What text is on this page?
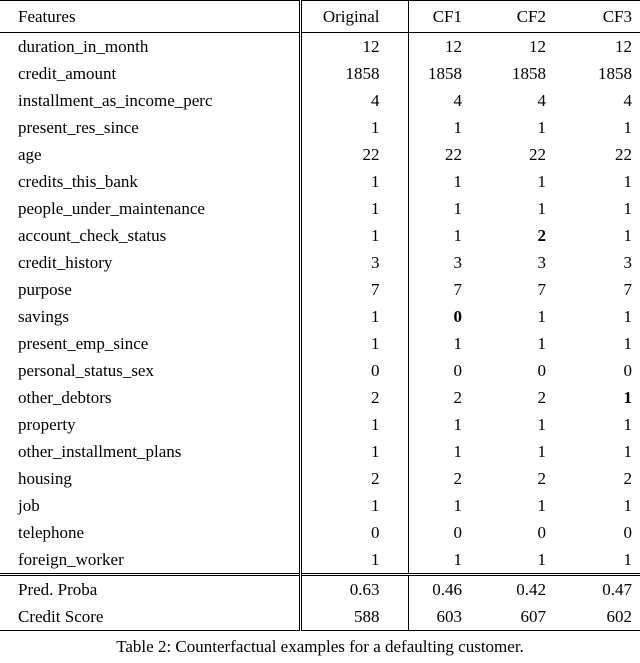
Features	Original	CF1	CF2	CF3
duration_in_month	12	12	12	12
credit_amount	1858	1858	1858	1858
installment_as_income_perc	4	4	4	4
present_res_since	1	1	1	1
age	22	22	22	22
credits_this_bank	1	1	1	1
people_under_maintenance	1	1	1	1
account_check_status	1	1	2	1
credit_history	3	3	3	3
purpose	7	7	7	7
savings	1	0	1	1
present_emp_since	1	1	1	1
personal_status_sex	0	0	0	0
other_debtors	2	2	2	1
property	1	1	1	1
other_installment_plans	1	1	1	1
housing	2	2	2	2
job	1	1	1	1
telephone	0	0	0	0
foreign_worker	1	1	1	1
Pred. Proba	0.63	0.46	0.42	0.47
Credit Score	588	603	607	602
Table 2: Counterfactual examples for a defaulting customer.
